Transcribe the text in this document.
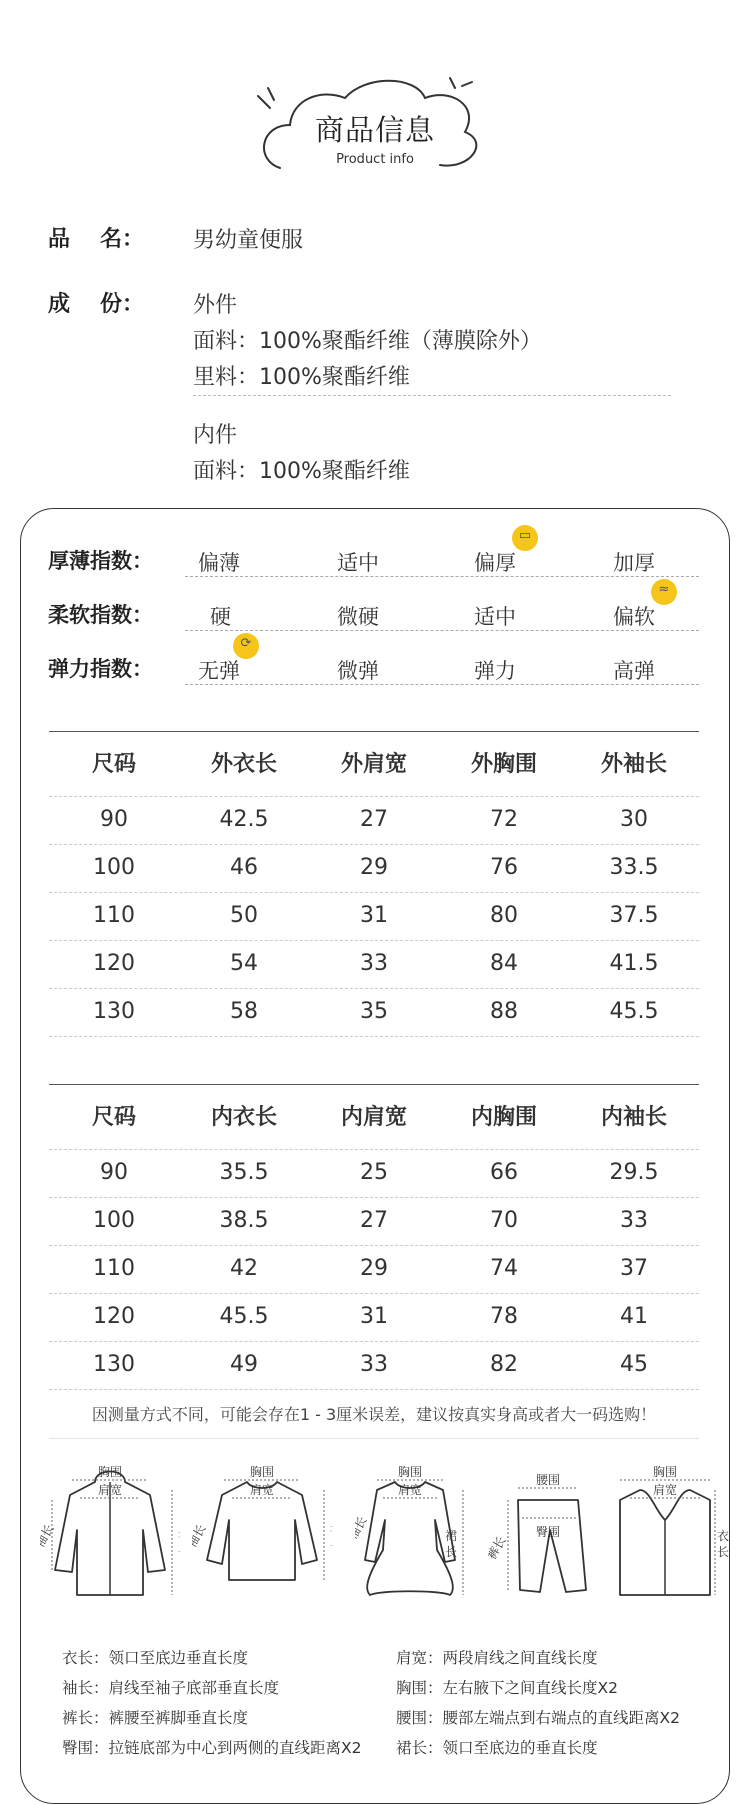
商品信息
Product info
品 名： 男幼童便服
成 份： 外件
面料：100%聚酯纤维（薄膜除外）
里料：100%聚酯纤维
内件
面料：100%聚酯纤维
厚薄指数： 偏薄	适中	偏厚	加厚
▭
柔软指数：	硬	微硬	适中	偏软
≈
弹力指数： 无弹	微弹	弹力	高弹
⟳
尺码	外衣长	外肩宽	外胸围	外袖长
90	42.5	27	72	30
100	46	29	76	33.5
110	50	31	80	37.5
120	54	33	84	41.5
130	58	35	88	45.5
尺码	内衣长	内肩宽	内胸围	内袖长
90	35.5	25	66	29.5
100	38.5	27	70	33
110	42	29	74	37
120	45.5	31	78	41
130	49	33	82	45
因测量方式不同，可能会存在1 - 3厘米误差，建议按真实身高或者大一码选购！
胸围
肩宽
袖长
胸围
肩宽
袖长
胸围
肩宽
袖长	裙
长
腰围
臀围
裤长
胸围
肩宽
衣
长
衣长：领口至底边垂直长度	肩宽：两段肩线之间直线长度
袖长：肩线至袖子底部垂直长度	胸围：左右腋下之间直线长度X2
裤长：裤腰至裤脚垂直长度	腰围：腰部左端点到右端点的直线距离X2
臀围：拉链底部为中心到两侧的直线距离X2 裙长：领口至底边的垂直长度
